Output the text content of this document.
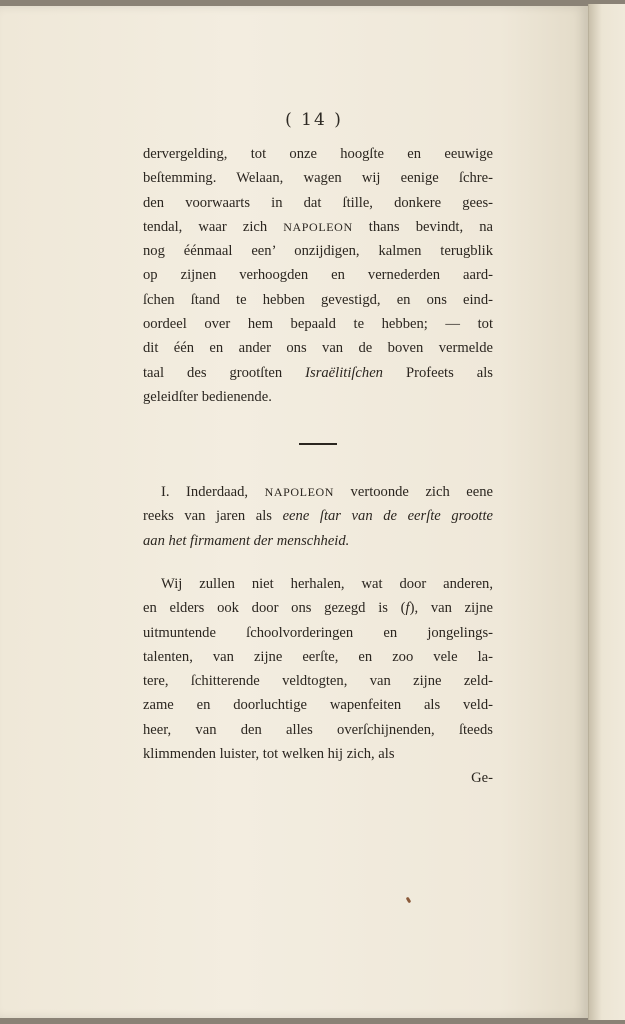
( 14 )
dervergelding, tot onze hoogſte en eeuwige
beſtemming. Welaan, wagen wij eenige ſchre-
den voorwaarts in dat ſtille, donkere gees-
tendal, waar zich NAPOLEON thans bevindt, na
nog éénmaal een’ onzijdigen, kalmen terugblik
op zijnen verhoogden en vernederden aard-
ſchen ſtand te hebben gevestigd, en ons eind-
oordeel over hem bepaald te hebben; — tot
dit één en ander ons van de boven vermelde
taal des grootſten Israëlitiſchen Profeets als
geleidſter bedienende.
I. Inderdaad, NAPOLEON vertoonde zich eene
reeks van jaren als eene ſtar van de eerſte grootte
aan het firmament der menschheid.
Wij zullen niet herhalen, wat door anderen,
en elders ook door ons gezegd is (f), van zijne
uitmuntende ſchoolvorderingen en jongelings-
talenten, van zijne eerſte, en zoo vele la-
tere, ſchitterende veldtogten, van zijne zeld-
zame en doorluchtige wapenfeiten als veld-
heer, van den alles overſchijnenden, ſteeds
klimmenden luister, tot welken hij zich, als
Ge-
